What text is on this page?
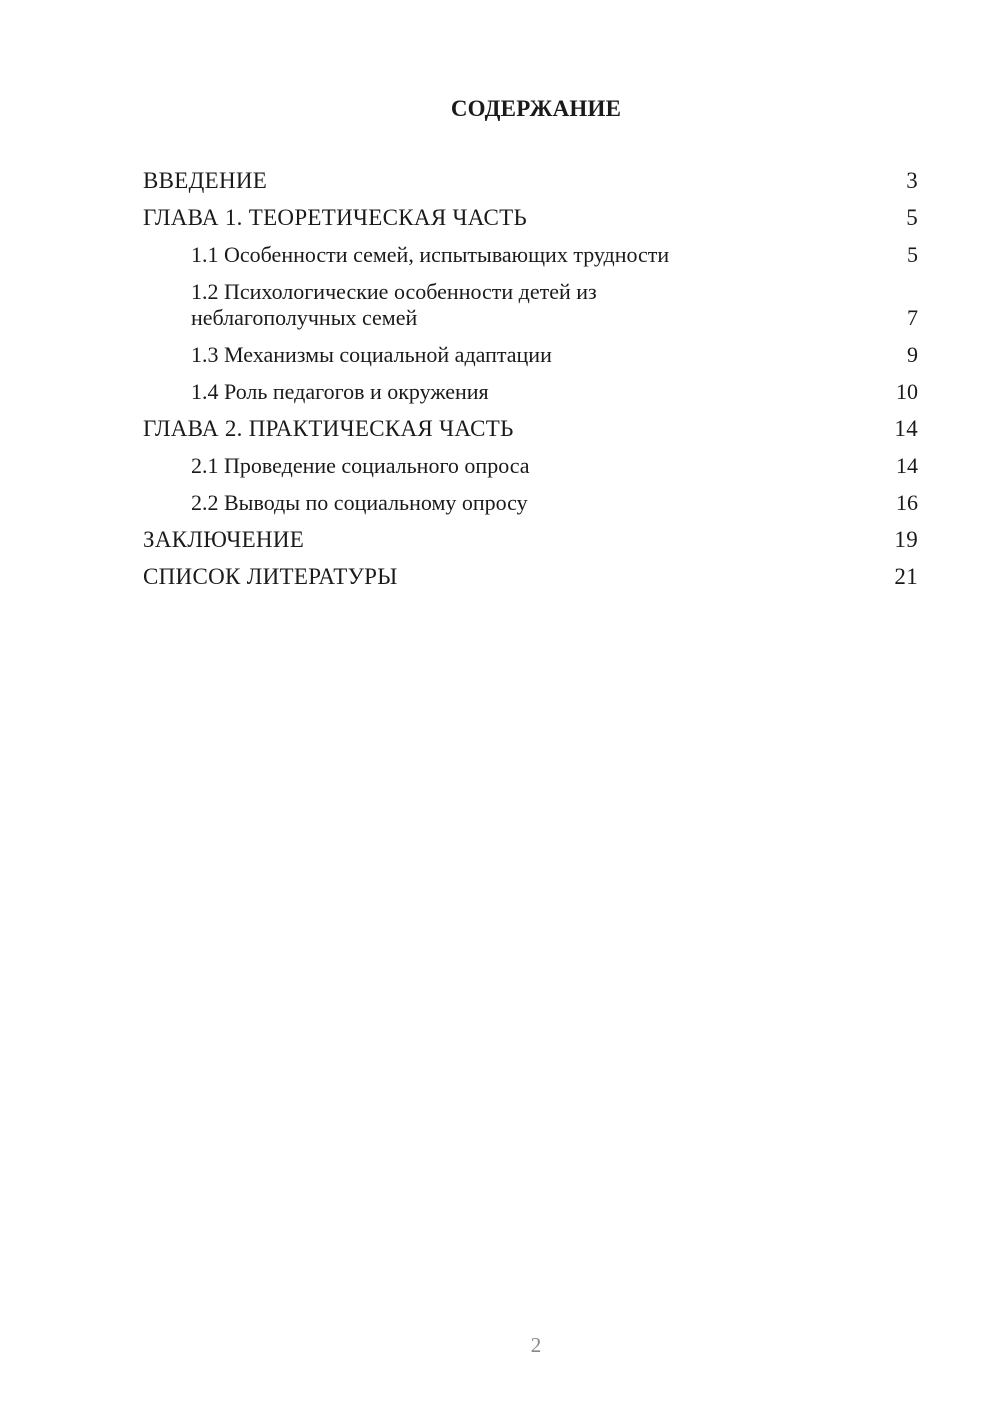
СОДЕРЖАНИЕ
ВВЕДЕНИЕ	3
ГЛАВА 1. ТЕОРЕТИЧЕСКАЯ ЧАСТЬ	5
1.1 Особенности семей, испытывающих трудности	5
1.2 Психологические особенности детей из неблагополучных семей	7
1.3 Механизмы социальной адаптации	9
1.4 Роль педагогов и окружения	10
ГЛАВА 2. ПРАКТИЧЕСКАЯ ЧАСТЬ	14
2.1 Проведение социального опроса	14
2.2 Выводы по социальному опросу	16
ЗАКЛЮЧЕНИЕ	19
СПИСОК ЛИТЕРАТУРЫ	21
2
